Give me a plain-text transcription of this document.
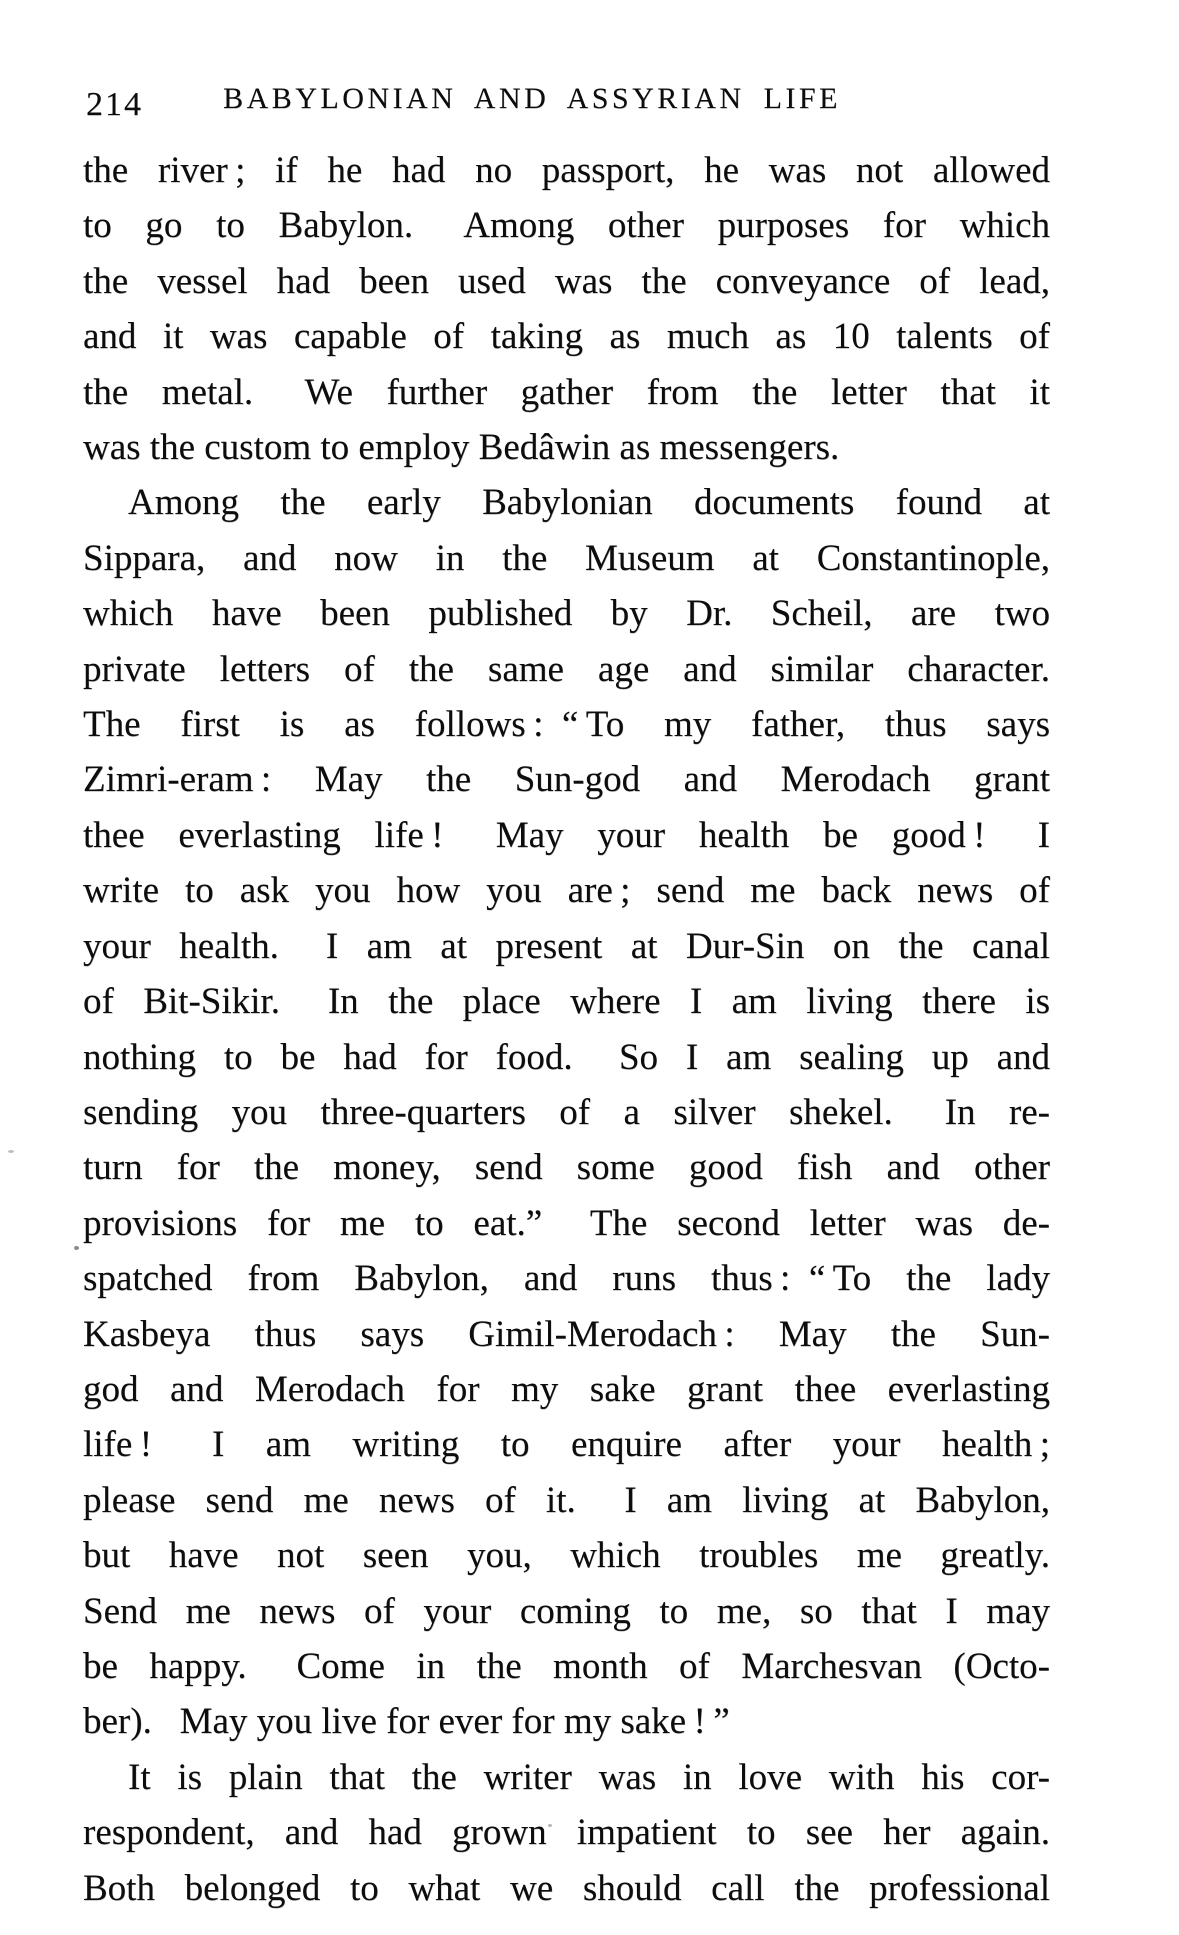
214	BABYLONIAN AND ASSYRIAN LIFE
the river ; if he had no passport, he was not allowed
to go to Babylon.  Among other purposes for which
the vessel had been used was the conveyance of lead,
and it was capable of taking as much as 10 talents of
the metal.  We further gather from the letter that it
was the custom to employ Bedâwin as messengers.
Among the early Babylonian documents found at
Sippara, and now in the Museum at Constantinople,
which have been published by Dr. Scheil, are two
private letters of the same age and similar character.
The first is as follows : “ To my father, thus says
Zimri-eram : May the Sun-god and Merodach grant
thee everlasting life !  May your health be good !  I
write to ask you how you are ; send me back news of
your health.  I am at present at Dur-Sin on the canal
of Bit-Sikir.  In the place where I am living there is
nothing to be had for food.  So I am sealing up and
sending you three-quarters of a silver shekel.  In re-
turn for the money, send some good fish and other
provisions for me to eat.”  The second letter was de-
spatched from Babylon, and runs thus : “ To the lady
Kasbeya thus says Gimil-Merodach : May the Sun-
god and Merodach for my sake grant thee everlasting
life !  I am writing to enquire after your health ;
please send me news of it.  I am living at Babylon,
but have not seen you, which troubles me greatly.
Send me news of your coming to me, so that I may
be happy.  Come in the month of Marchesvan (Octo-
ber).  May you live for ever for my sake ! ”
It is plain that the writer was in love with his cor-
respondent, and had grown impatient to see her again.
Both belonged to what we should call the professional
